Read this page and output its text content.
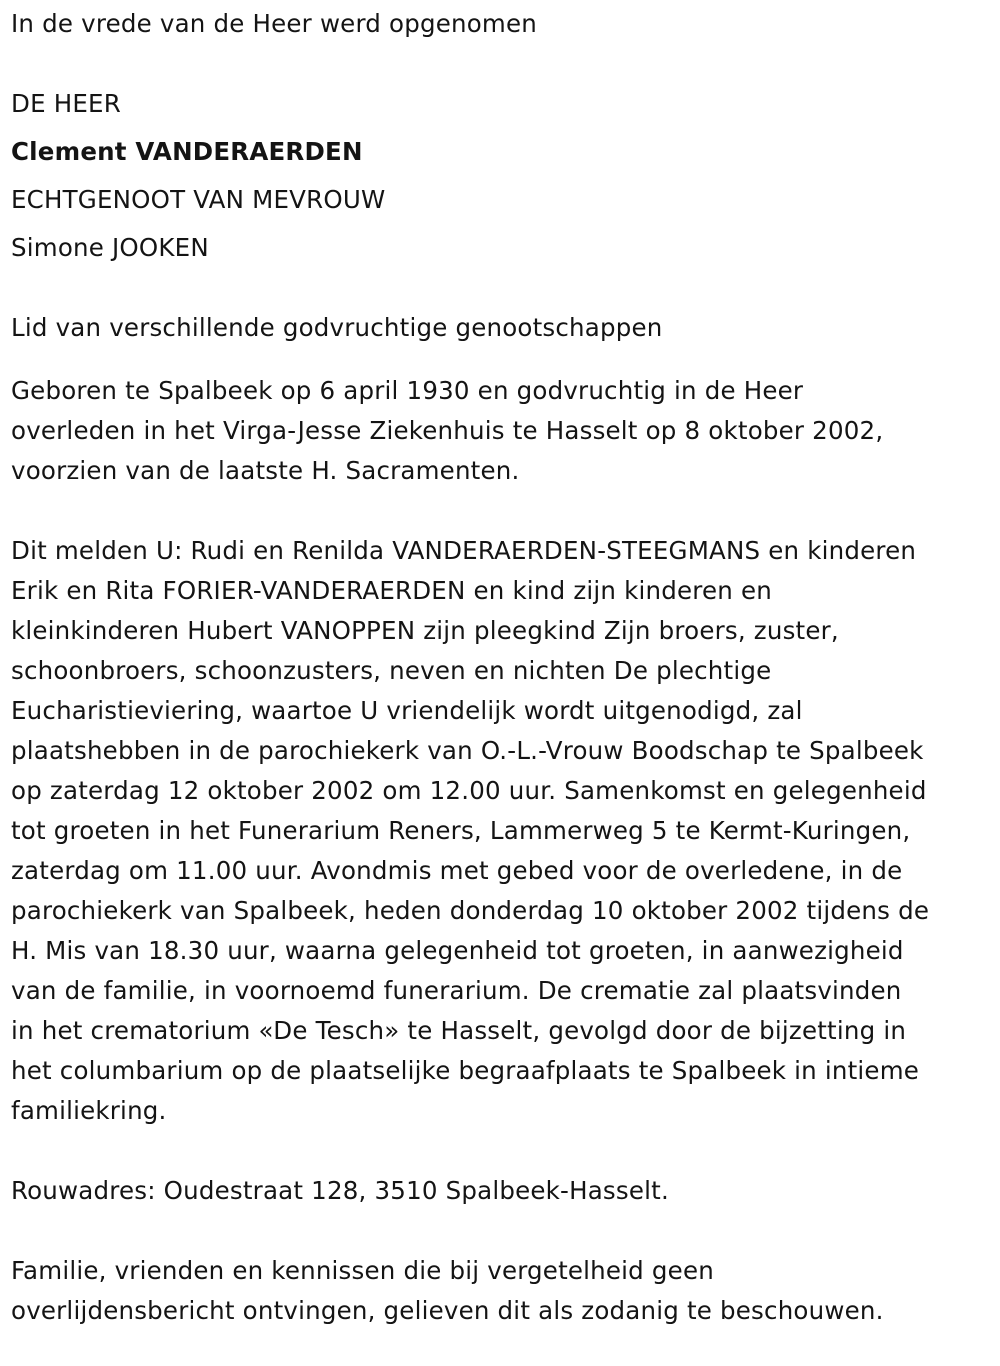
In de vrede van de Heer werd opgenomen
DE HEER
Clement VANDERAERDEN
ECHTGENOOT VAN MEVROUW
Simone JOOKEN
Lid van verschillende godvruchtige genootschappen
Geboren te Spalbeek op 6 april 1930 en godvruchtig in de Heer
overleden in het Virga-Jesse Ziekenhuis te Hasselt op 8 oktober 2002,
voorzien van de laatste H. Sacramenten.
Dit melden U: Rudi en Renilda VANDERAERDEN-STEEGMANS en kinderen
Erik en Rita FORIER-VANDERAERDEN en kind zijn kinderen en
kleinkinderen Hubert VANOPPEN zijn pleegkind Zijn broers, zuster,
schoonbroers, schoonzusters, neven en nichten De plechtige
Eucharistieviering, waartoe U vriendelijk wordt uitgenodigd, zal
plaatshebben in de parochiekerk van O.-L.-Vrouw Boodschap te Spalbeek
op zaterdag 12 oktober 2002 om 12.00 uur. Samenkomst en gelegenheid
tot groeten in het Funerarium Reners, Lammerweg 5 te Kermt-Kuringen,
zaterdag om 11.00 uur. Avondmis met gebed voor de overledene, in de
parochiekerk van Spalbeek, heden donderdag 10 oktober 2002 tijdens de
H. Mis van 18.30 uur, waarna gelegenheid tot groeten, in aanwezigheid
van de familie, in voornoemd funerarium. De crematie zal plaatsvinden
in het crematorium «De Tesch» te Hasselt, gevolgd door de bijzetting in
het columbarium op de plaatselijke begraafplaats te Spalbeek in intieme
familiekring.
Rouwadres: Oudestraat 128, 3510 Spalbeek-Hasselt.
Familie, vrienden en kennissen die bij vergetelheid geen
overlijdensbericht ontvingen, gelieven dit als zodanig te beschouwen.
